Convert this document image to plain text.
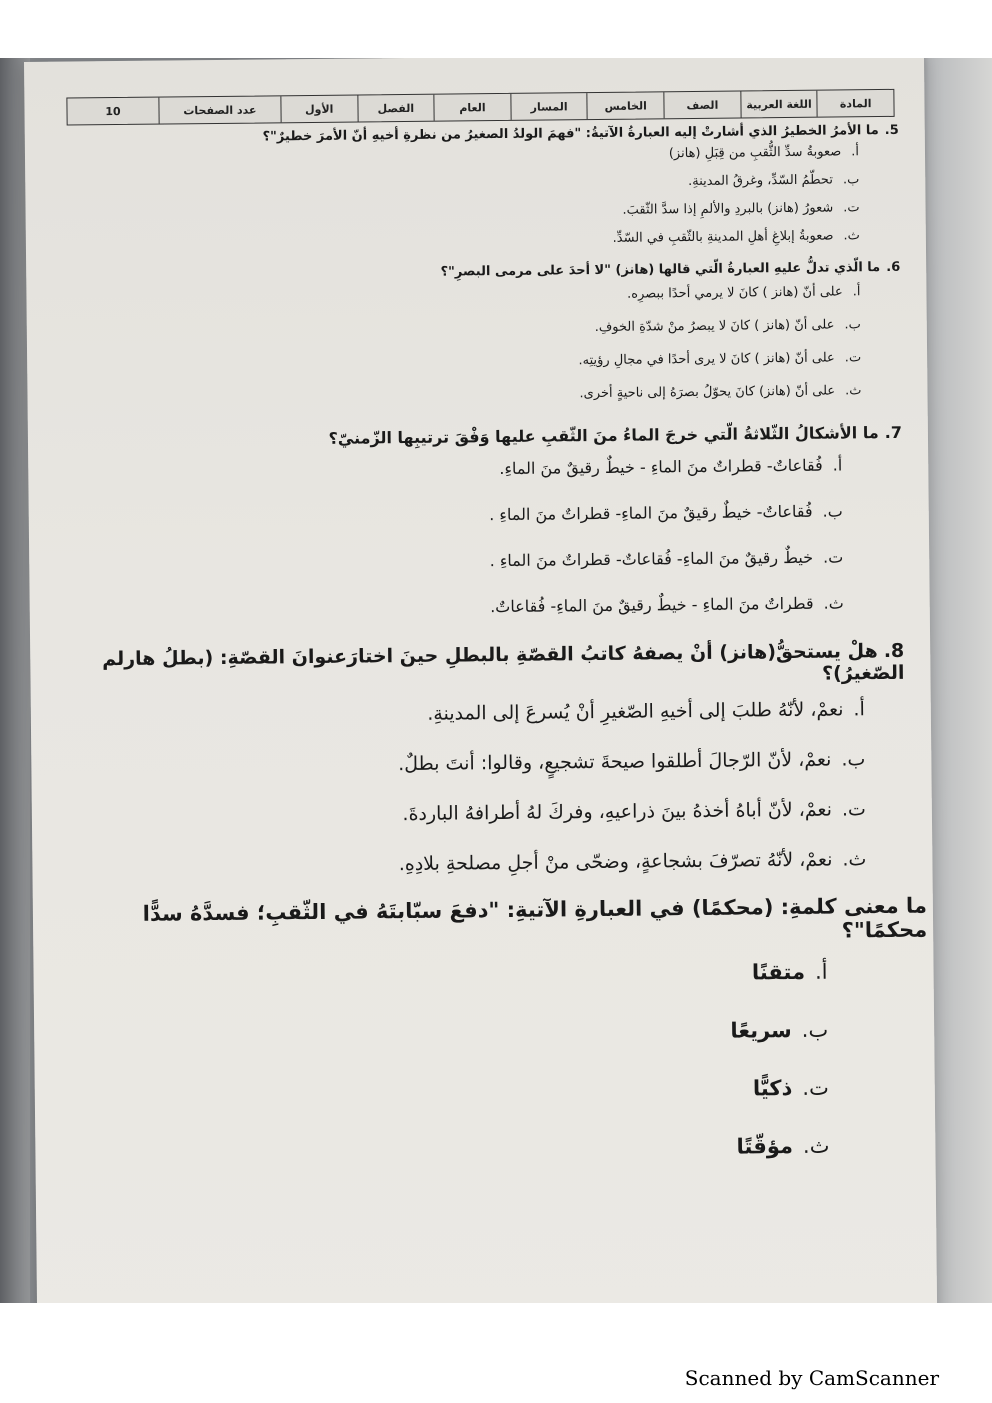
المادة
اللغة العربية
الصف
الخامس
المسار
العام
الفصل
الأول
عدد الصفحات
10

5.ما الأمرُ الخطيرُ الذي أشارتْ إليه العبارةُ الآتيةُ: "فهمَ الولدُ الصغيرُ من نظرةِ أخيهِ أنّ الأمرَ خطيرٌ"؟

أ.
صعوبةُ سدِّ الثُّقبِ من قِبَلِ (هانز)
ب.
تحطّمُ السّدِّ، وغرقُ المدينةِ.
ت.
شعورُ (هانز) بالبردِ والألمِ إذا سدَّ الثّقبَ.
ث.
صعوبةُ إبلاغِ أهلِ المدينةِ بالثّقبِ في السّدِّ.

6.ما الّذي تدلُّ عليهِ العبارةُ الّتي قالها (هانز) "لا أحدَ على مرمى البصرِ"؟

أ.
على أنّ (هانز ) كانَ لا يرمي أحدًا ببصرِه.
ب.
على أنّ (هانز ) كانَ لا يبصرُ منْ شدّةِ الخوفِ.
ت.
على أنّ (هانز ) كانَ لا يرى أحدًا في مجالِ رؤيتِه.
ث.
على أنّ (هانز) كانَ يحوّلُ بصرَهُ إلى ناحيةٍ أخرى.

7.ما الأشكالُ الثّلاثةُ الّتي خرجَ الماءُ منَ الثّقبِ عليها وَفْقَ ترتيبِها الزّمنيّ؟

أ.
فُقاعاتٌ- قطراتٌ منَ الماءِ - خيطٌ رقيقٌ منَ الماءِ.
ب.
فُقاعاتٌ- خيطٌ رقيقٌ منَ الماءِ- قطراتٌ منَ الماءِ .
ت.
خيطٌ رقيقٌ منَ الماءِ- فُقاعاتٌ- قطراتٌ منَ الماءِ .
ث.
قطراتٌ منَ الماءِ - خيطٌ رقيقٌ منَ الماءِ- فُقاعاتٌ.

8.هلْ يستحقُّ(هانز) أنْ يصفهُ كاتبُ القصّةِ بالبطلِ حينَ اختارَعنوانَ القصّةِ: (بطلُ هارلم الصّغيرُ)؟

أ.
نعمْ، لأنّهُ طلبَ إلى أخيهِ الصّغيرِ أنْ يُسرعَ إلى المدينةِ.
ب.
نعمْ، لأنّ الرّجالَ أطلقوا صيحةَ تشجيعٍ، وقالوا: أنتَ بطلٌ.
ت.
نعمْ، لأنّ أباهُ أخذهُ بينَ ذراعيهِ، وفركَ لهُ أطرافهُ الباردةَ.
ث.
نعمْ، لأنّهُ تصرّفَ بشجاعةٍ، وضحّى منْ أجلِ مصلحةِ بلادِهِ.

ما معنى كلمةِ: (محكمًا) في العبارةِ الآتيةِ: "دفعَ سبّابتَهُ في الثّقبِ؛ فسدَّهُ سدًّا محكمًا"؟

أ.
متقنًا
ب.
سريعًا
ت.
ذكيًّا
ث.
مؤقّتًا
Scanned by CamScanner
